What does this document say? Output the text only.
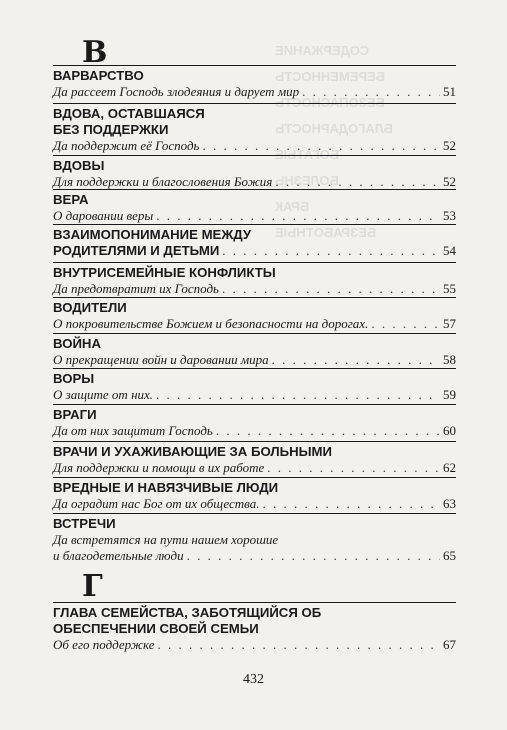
СОДЕРЖАНИЕ
БЕРЕМЕННОСТЬ
БЕЗОПАСНОСТЬ
БЛАГОДАРНОСТЬ
БОГАТЫЕ
БОЛЕЗНЬ
БРАК
БЕЗРАБОТНЫЕ
В
ВАРВАРСТВО
Да рассеет Господь злодеяния и дарует мир . . .	51
ВДОВА, ОСТАВШАЯСЯ
БЕЗ ПОДДЕРЖКИ
Да поддержит её Господь . . .	52
ВДОВЫ
Для поддержки и благословения Божия . . .	52
ВЕРА
О даровании веры . . .	53
ВЗАИМОПОНИМАНИЕ МЕЖДУ
РОДИТЕЛЯМИ И ДЕТЬМИ . . .	54
ВНУТРИСЕМЕЙНЫЕ КОНФЛИКТЫ
Да предотвратит их Господь . . .	55
ВОДИТЕЛИ
О покровительстве Божием и безопасности на дорогах. . . .	57
ВОЙНА
О прекращении войн и даровании мира . . .	58
ВОРЫ
О защите от них. . . .	59
ВРАГИ
Да от них защитит Господь . . .	60
ВРАЧИ И УХАЖИВАЮЩИЕ ЗА БОЛЬНЫМИ
Для поддержки и помощи в их работе . . .	62
ВРЕДНЫЕ И НАВЯЗЧИВЫЕ ЛЮДИ
Да оградит нас Бог от их общества. . . .	63
ВСТРЕЧИ
Да встретятся на пути нашем хорошие
и благодетельные люди . . .	65
Г
ГЛАВА СЕМЕЙСТВА, ЗАБОТЯЩИЙСЯ ОБ
ОБЕСПЕЧЕНИИ СВОЕЙ СЕМЬИ
Об его поддержке . . .	67
432
